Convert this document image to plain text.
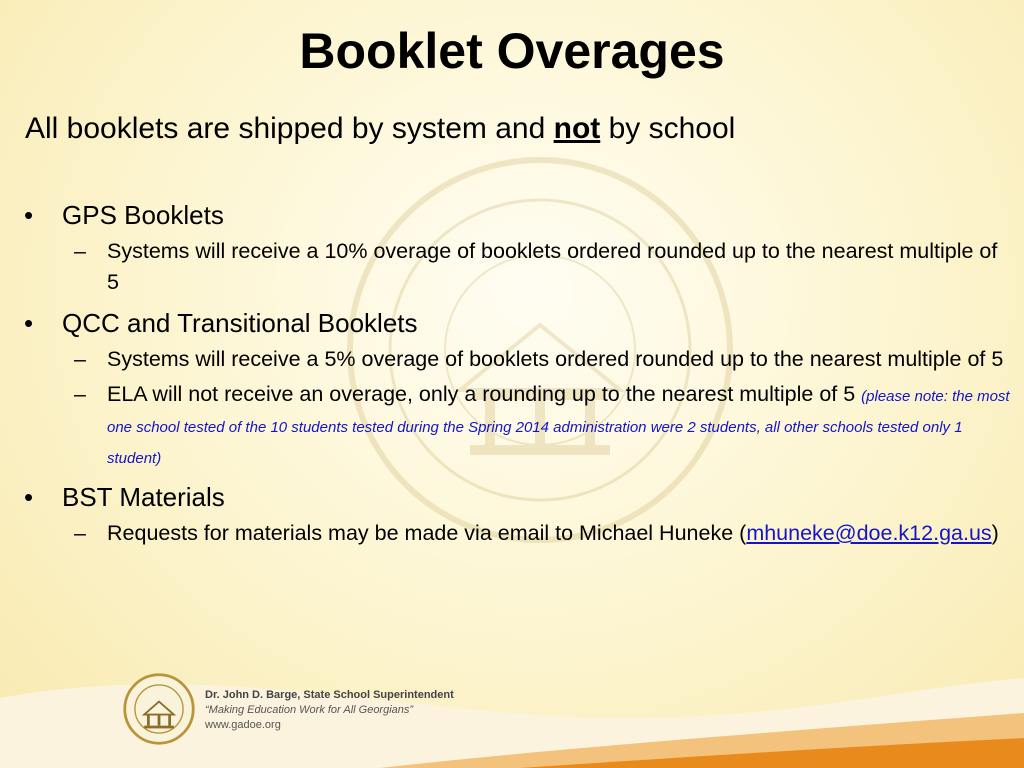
Booklet Overages
All booklets are shipped by system and not by school
• GPS Booklets
– Systems will receive a 10% overage of booklets ordered rounded up to the nearest multiple of 5
• QCC and Transitional Booklets
– Systems will receive a 5% overage of booklets ordered rounded up to the nearest multiple of 5
– ELA will not receive an overage, only a rounding up to the nearest multiple of 5 (please note: the most one school tested of the 10 students tested during the Spring 2014 administration were 2 students, all other schools tested only 1 student)
• BST Materials
– Requests for materials may be made via email to Michael Huneke (mhuneke@doe.k12.ga.us)
Dr. John D. Barge, State School Superintendent
“Making Education Work for All Georgians”
www.gadoe.org
